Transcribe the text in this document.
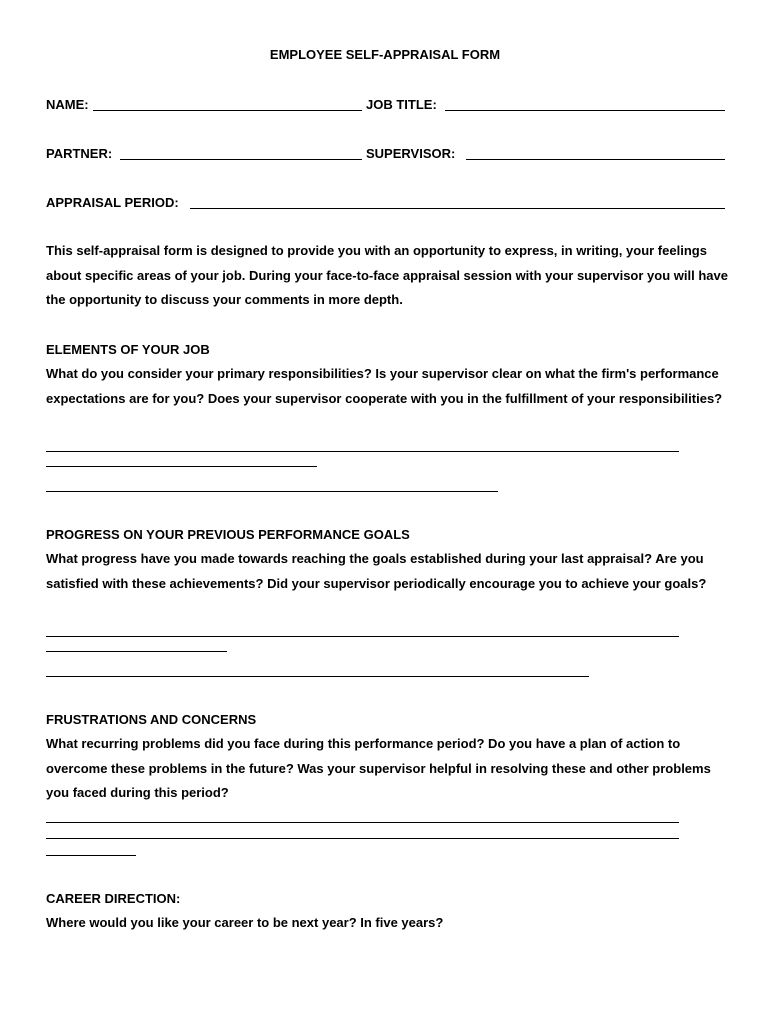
EMPLOYEE SELF-APPRAISAL FORM
NAME:	JOB TITLE:
PARTNER:	SUPERVISOR:
APPRAISAL PERIOD:
This self-appraisal form is designed to provide you with an opportunity to express, in writing, your feelings about specific areas of your job. During your face-to-face appraisal session with your supervisor you will have the opportunity to discuss your comments in more depth.
ELEMENTS OF YOUR JOB
What do you consider your primary responsibilities? Is your supervisor clear on what the firm's performance expectations are for you? Does your supervisor cooperate with you in the fulfillment of your responsibilities?
PROGRESS ON YOUR PREVIOUS PERFORMANCE GOALS
What progress have you made towards reaching the goals established during your last appraisal? Are you satisfied with these achievements? Did your supervisor periodically encourage you to achieve your goals?
FRUSTRATIONS AND CONCERNS
What recurring problems did you face during this performance period? Do you have a plan of action to overcome these problems in the future? Was your supervisor helpful in resolving these and other problems you faced during this period?
CAREER DIRECTION:
Where would you like your career to be next year? In five years?
